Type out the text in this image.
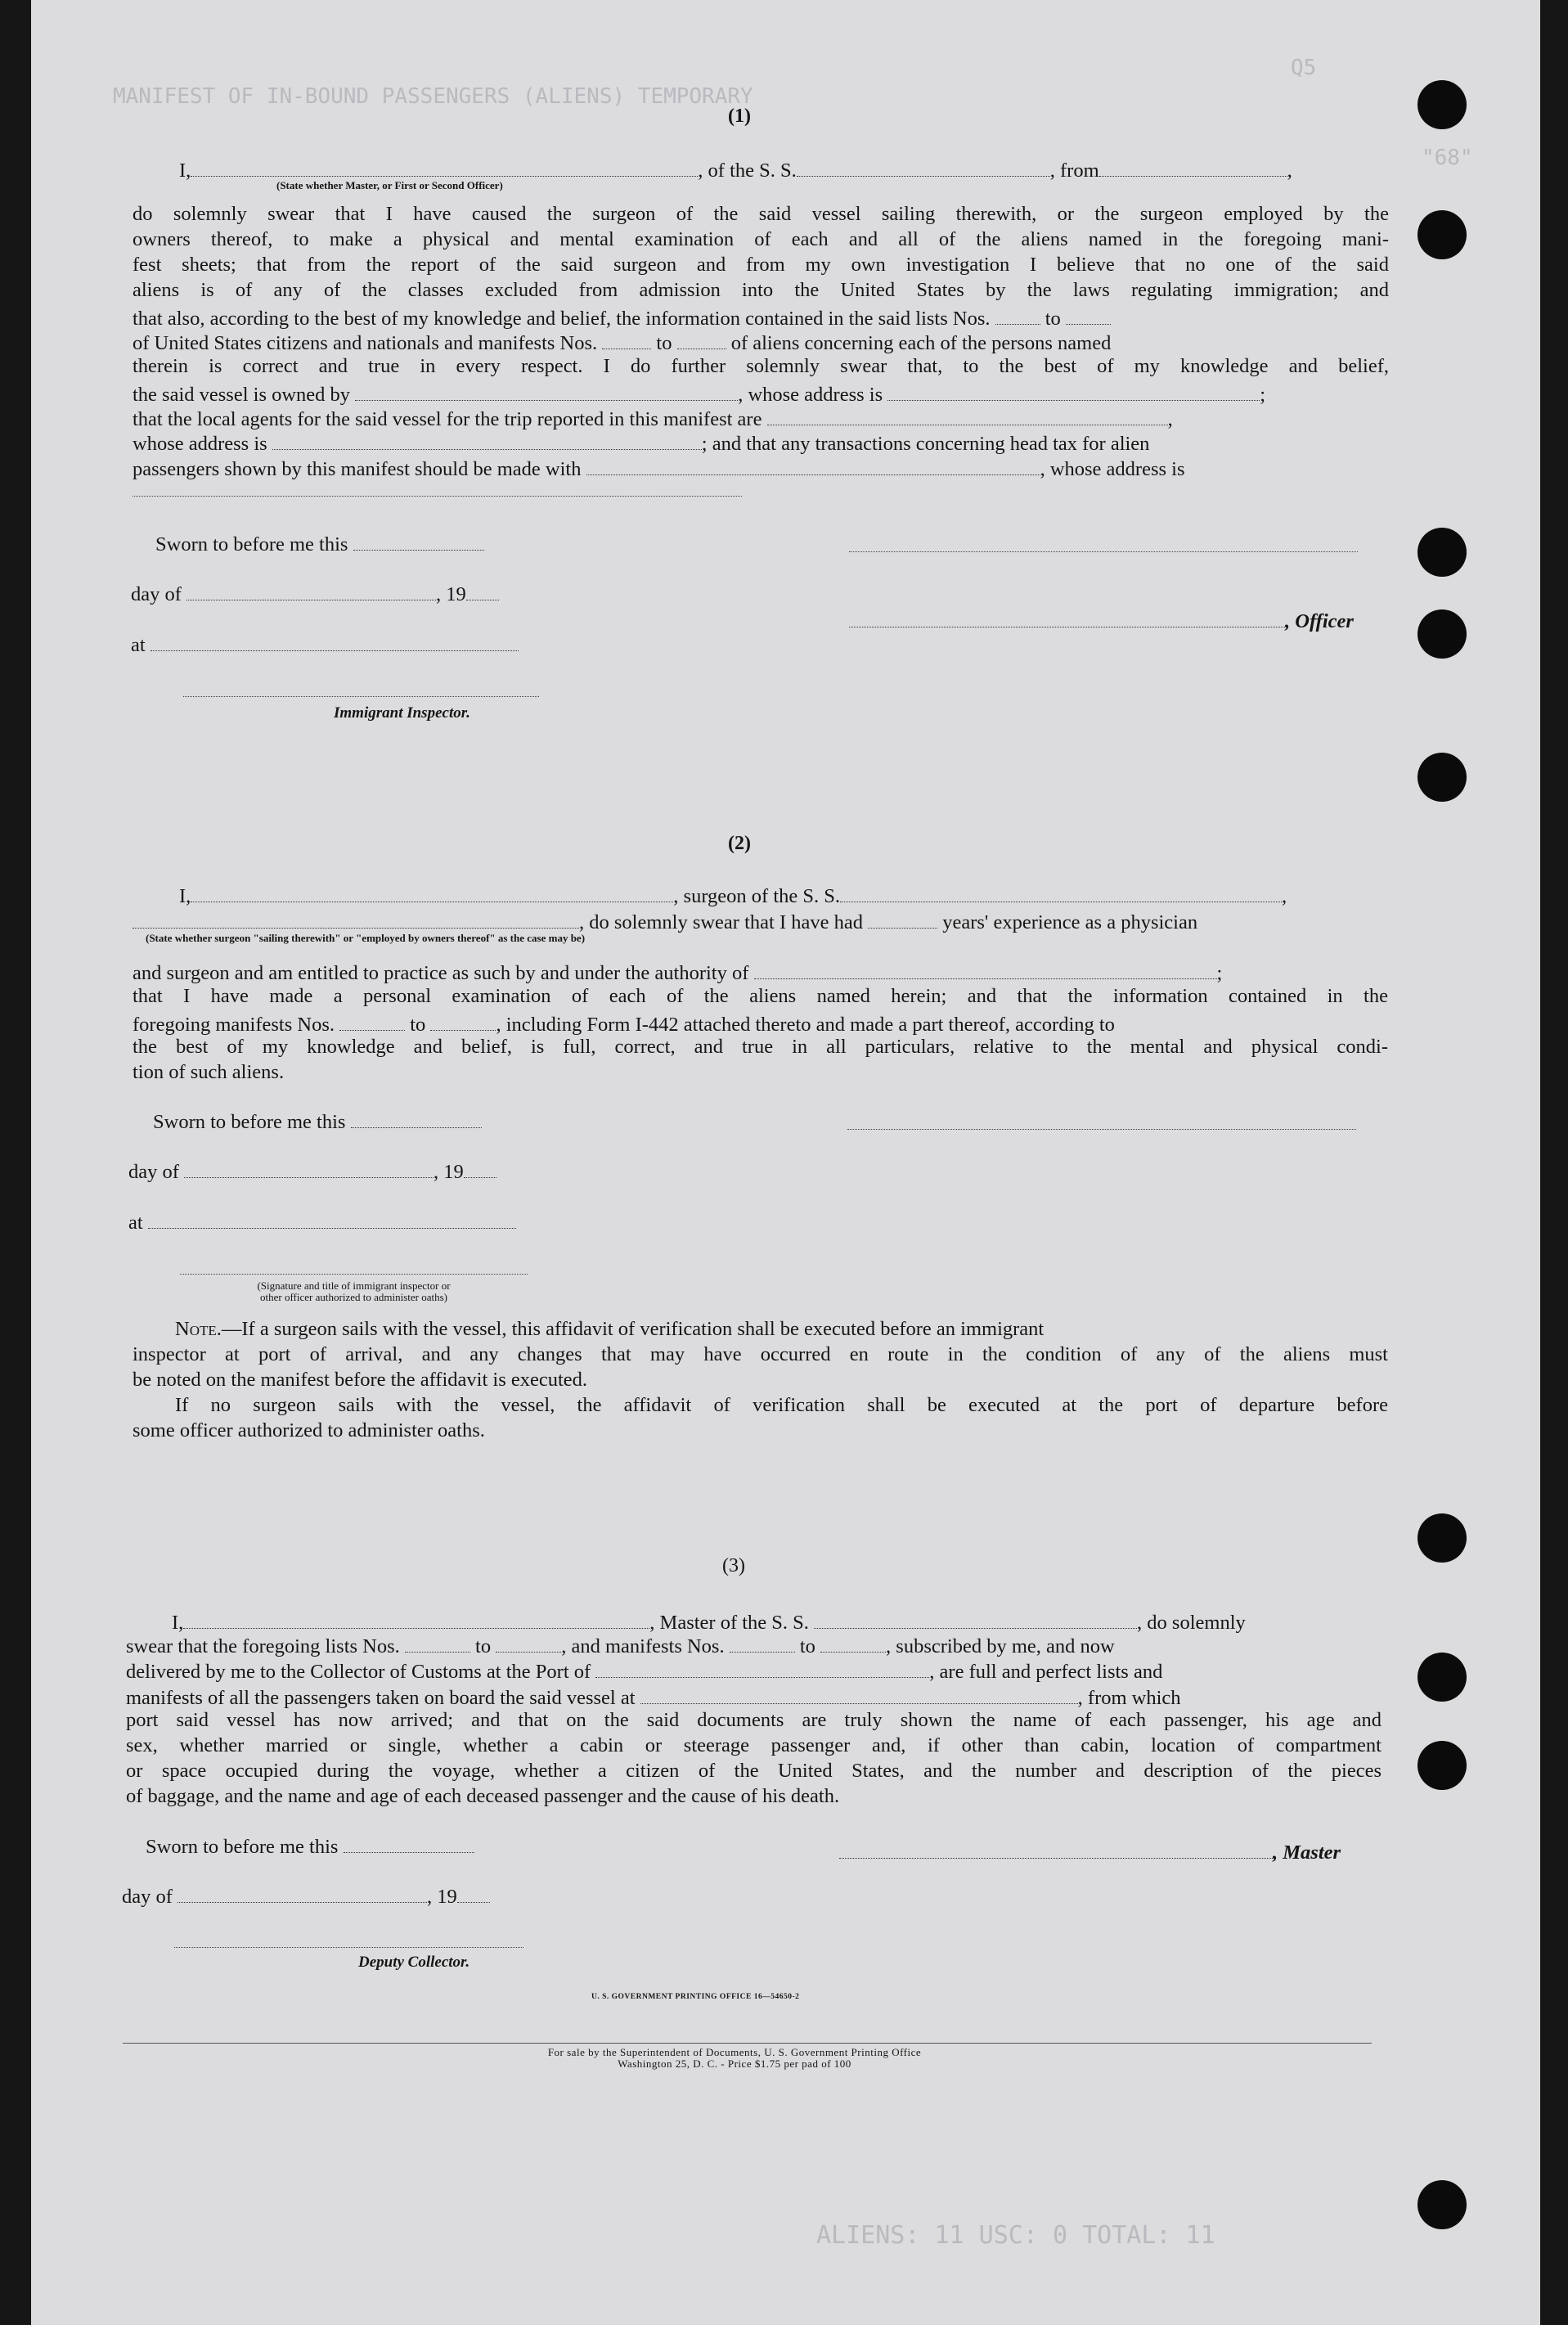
MANIFEST OF IN-BOUND PASSENGERS (ALIENS) TEMPORARY
"68"
Q5
ALIENS: 11 USC: 0 TOTAL: 11
(1)
I,	, of the S. S.	, from	,
(State whether Master, or First or Second Officer)
do solemnly swear that I have caused the surgeon of the said vessel sailing therewith, or the surgeon employed by the
owners thereof, to make a physical and mental examination of each and all of the aliens named in the foregoing mani-
fest sheets; that from the report of the said surgeon and from my own investigation I believe that no one of the said
aliens is of any of the classes excluded from admission into the United States by the laws regulating immigration; and
that also, according to the best of my knowledge and belief, the information contained in the said lists Nos.	to
of United States citizens and nationals and manifests Nos.	to	of aliens concerning each of the persons named
therein is correct and true in every respect. I do further solemnly swear that, to the best of my knowledge and belief,
the said vessel is owned by	, whose address is	;
that the local agents for the said vessel for the trip reported in this manifest are	,
whose address is	; and that any transactions concerning head tax for alien
passengers shown by this manifest should be made with	, whose address is
Sworn to before me this
day of	, 19
, Officer
at
Immigrant Inspector.
(2)
I,	, surgeon of the S. S.	,
, do solemnly swear that I have had	years' experience as a physician
(State whether surgeon "sailing therewith" or "employed by owners thereof" as the case may be)
and surgeon and am entitled to practice as such by and under the authority of	;
that I have made a personal examination of each of the aliens named herein; and that the information contained in the
foregoing manifests Nos.	to	, including Form I-442 attached thereto and made a part thereof, according to
the best of my knowledge and belief, is full, correct, and true in all particulars, relative to the mental and physical condi-
tion of such aliens.
Sworn to before me this
day of	, 19
at
(Signature and title of immigrant inspector or
other officer authorized to administer oaths)
Note.—If a surgeon sails with the vessel, this affidavit of verification shall be executed before an immigrant
inspector at port of arrival, and any changes that may have occurred en route in the condition of any of the aliens must
be noted on the manifest before the affidavit is executed.
If no surgeon sails with the vessel, the affidavit of verification shall be executed at the port of departure before
some officer authorized to administer oaths.
(3)
I,	, Master of the S. S.	, do solemnly
swear that the foregoing lists Nos.	to	, and manifests Nos.	to	, subscribed by me, and now
delivered by me to the Collector of Customs at the Port of	, are full and perfect lists and
manifests of all the passengers taken on board the said vessel at	, from which
port said vessel has now arrived; and that on the said documents are truly shown the name of each passenger, his age and
sex, whether married or single, whether a cabin or steerage passenger and, if other than cabin, location of compartment
or space occupied during the voyage, whether a citizen of the United States, and the number and description of the pieces
of baggage, and the name and age of each deceased passenger and the cause of his death.
Sworn to before me this	, Master
day of	, 19
Deputy Collector.
U. S. GOVERNMENT PRINTING OFFICE 16—54650-2
For sale by the Superintendent of Documents, U. S. Government Printing Office
Washington 25, D. C. - Price $1.75 per pad of 100
